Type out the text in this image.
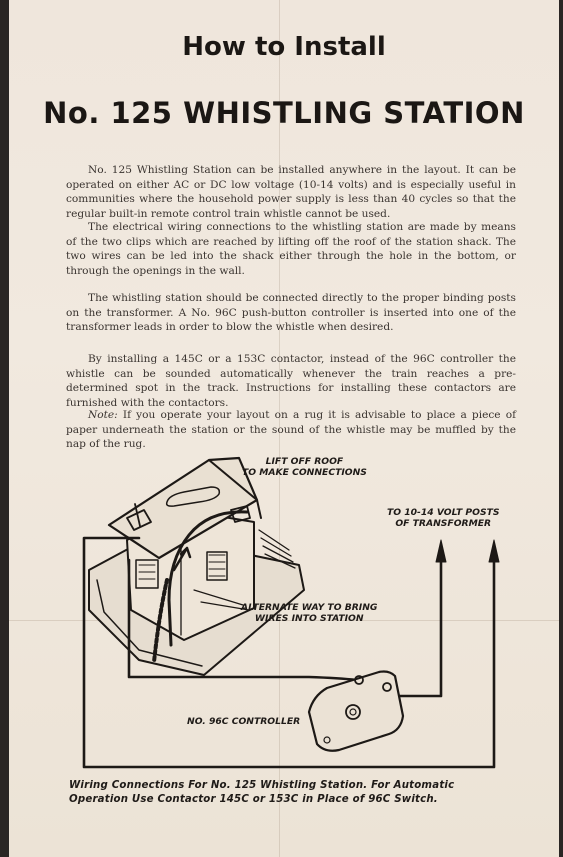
How to Install
No. 125 WHISTLING STATION
No. 125 Whistling Station can be installed anywhere in the layout. It can be operated on either AC or DC low voltage (10-14 volts) and is especially useful in communities where the household power supply is less than 40 cycles so that the regular built-in remote control train whistle cannot be used.
The electrical wiring connections to the whistling station are made by means of the two clips which are reached by lifting off the roof of the station shack. The two wires can be led into the shack either through the hole in the bottom, or through the openings in the wall.
The whistling station should be connected directly to the proper binding posts on the transformer. A No. 96C push-button controller is inserted into one of the transformer leads in order to blow the whistle when desired.
By installing a 145C or a 153C contactor, instead of the 96C controller the whistle can be sounded automatically whenever the train reaches a pre-determined spot in the track. Instructions for installing these contactors are furnished with the contactors.
Note: If you operate your layout on a rug it is advisable to place a piece of paper underneath the station or the sound of the whistle may be muffled by the nap of the rug.
LIFT OFF ROOF
TO MAKE CONNECTIONS
TO 10-14 VOLT POSTS
OF TRANSFORMER
ALTERNATE WAY TO BRING
WIRES INTO STATION
NO. 96C CONTROLLER
Wiring Connections For No. 125 Whistling Station. For Automatic
Operation Use Contactor 145C or 153C in Place of 96C Switch.
